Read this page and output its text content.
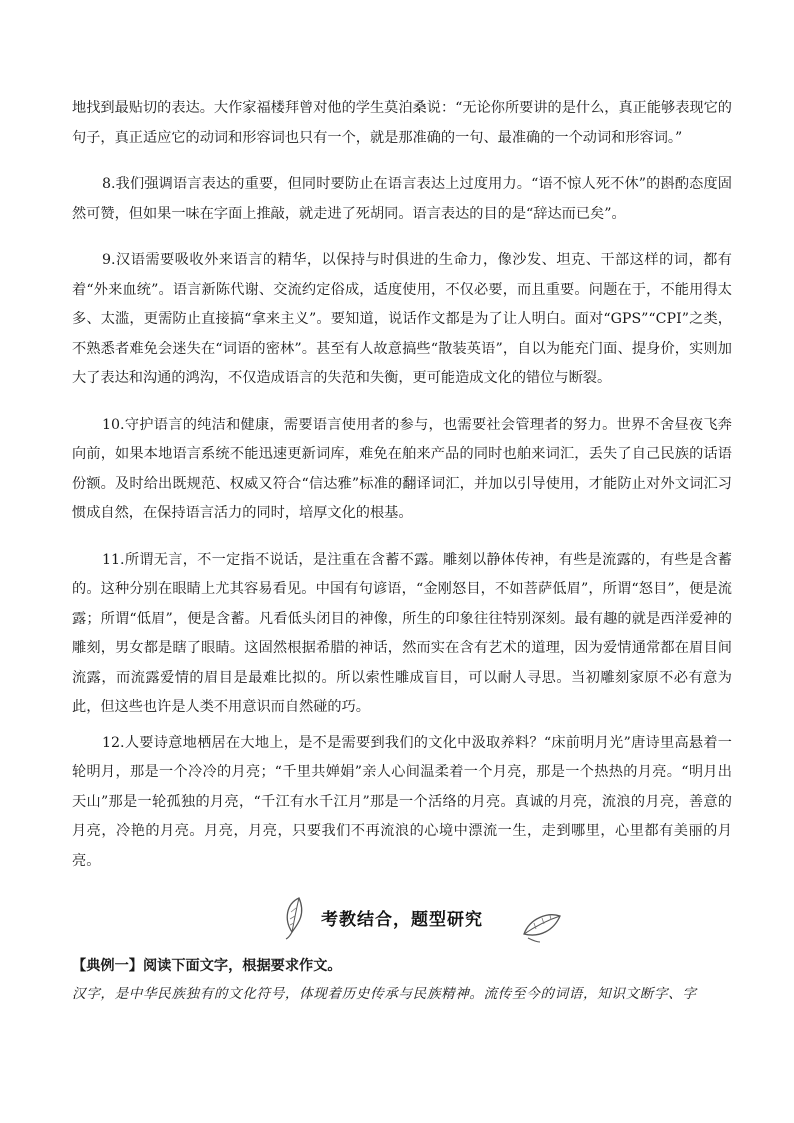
地找到最贴切的表达。大作家福楼拜曾对他的学生莫泊桑说：“无论你所要讲的是什么，真正能够表现它的句子，真正适应它的动词和形容词也只有一个，就是那准确的一句、最准确的一个动词和形容词。”

8.我们强调语言表达的重要，但同时要防止在语言表达上过度用力。“语不惊人死不休”的斟酌态度固然可赞，但如果一味在字面上推敲，就走进了死胡同。语言表达的目的是“辞达而已矣”。

9.汉语需要吸收外来语言的精华，以保持与时俱进的生命力，像沙发、坦克、干部这样的词，都有着“外来血统”。语言新陈代谢、交流约定俗成，适度使用，不仅必要，而且重要。问题在于，不能用得太多、太滥，更需防止直接搞“拿来主义”。要知道，说话作文都是为了让人明白。面对“GPS”“CPI”之类，不熟悉者难免会迷失在“词语的密林”。甚至有人故意搞些“散装英语”，自以为能充门面、提身价，实则加大了表达和沟通的鸿沟，不仅造成语言的失范和失衡，更可能造成文化的错位与断裂。

10.守护语言的纯洁和健康，需要语言使用者的参与，也需要社会管理者的努力。世界不舍昼夜飞奔向前，如果本地语言系统不能迅速更新词库，难免在舶来产品的同时也舶来词汇，丢失了自己民族的话语份额。及时给出既规范、权威又符合“信达雅”标准的翻译词汇，并加以引导使用，才能防止对外文词汇习惯成自然，在保持语言活力的同时，培厚文化的根基。

11.所谓无言，不一定指不说话，是注重在含蓄不露。雕刻以静体传神，有些是流露的，有些是含蓄的。这种分别在眼睛上尤其容易看见。中国有句谚语，“金刚怒目，不如菩萨低眉”，所谓“怒目”，便是流露；所谓“低眉”，便是含蓄。凡看低头闭目的神像，所生的印象往往特别深刻。最有趣的就是西洋爱神的雕刻，男女都是瞎了眼睛。这固然根据希腊的神话，然而实在含有艺术的道理，因为爱情通常都在眉目间流露，而流露爱情的眉目是最难比拟的。所以索性雕成盲目，可以耐人寻思。当初雕刻家原不必有意为此，但这些也许是人类不用意识而自然碰的巧。

12.人要诗意地栖居在大地上，是不是需要到我们的文化中汲取养料？“床前明月光”唐诗里高悬着一轮明月，那是一个冷冷的月亮；“千里共婵娟”亲人心间温柔着一个月亮，那是一个热热的月亮。“明月出天山”那是一轮孤独的月亮，“千江有水千江月”那是一个活络的月亮。真诚的月亮，流浪的月亮，善意的月亮，冷艳的月亮。月亮，月亮，只要我们不再流浪的心境中漂流一生，走到哪里，心里都有美丽的月亮。

考教结合，题型研究

【典例一】阅读下面文字，根据要求作文。

汉字，是中华民族独有的文化符号，体现着历史传承与民族精神。流传至今的词语，知识文断字、字
